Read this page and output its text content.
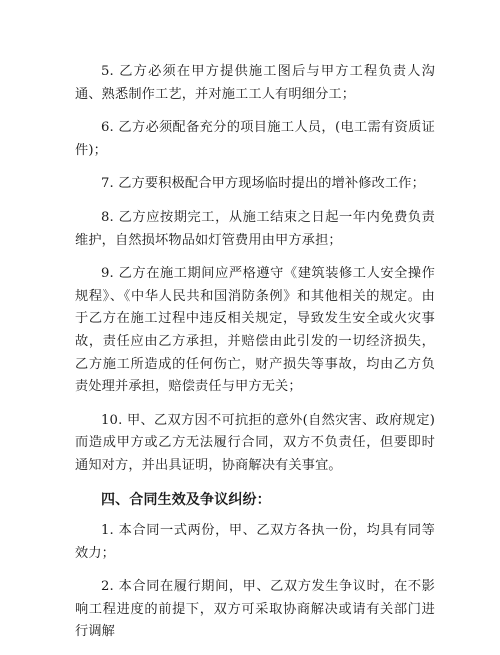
5. 乙方必须在甲方提供施工图后与甲方工程负责人沟通、熟悉制作工艺，并对施工工人有明细分工；

6. 乙方必须配备充分的项目施工人员，(电工需有资质证件)；

7. 乙方要积极配合甲方现场临时提出的增补修改工作；

8. 乙方应按期完工，从施工结束之日起一年内免费负责维护，自然损坏物品如灯管费用由甲方承担；

9. 乙方在施工期间应严格遵守《建筑装修工人安全操作规程》、《中华人民共和国消防条例》和其他相关的规定。由于乙方在施工过程中违反相关规定，导致发生安全或火灾事故，责任应由乙方承担，并赔偿由此引发的一切经济损失，乙方施工所造成的任何伤亡，财产损失等事故，均由乙方负责处理并承担，赔偿责任与甲方无关；

10. 甲、乙双方因不可抗拒的意外(自然灾害、政府规定)而造成甲方或乙方无法履行合同，双方不负责任，但要即时通知对方，并出具证明，协商解决有关事宜。

四、合同生效及争议纠纷：

1. 本合同一式两份，甲、乙双方各执一份，均具有同等效力；

2. 本合同在履行期间，甲、乙双方发生争议时，在不影响工程进度的前提下，双方可采取协商解决或请有关部门进行调解
